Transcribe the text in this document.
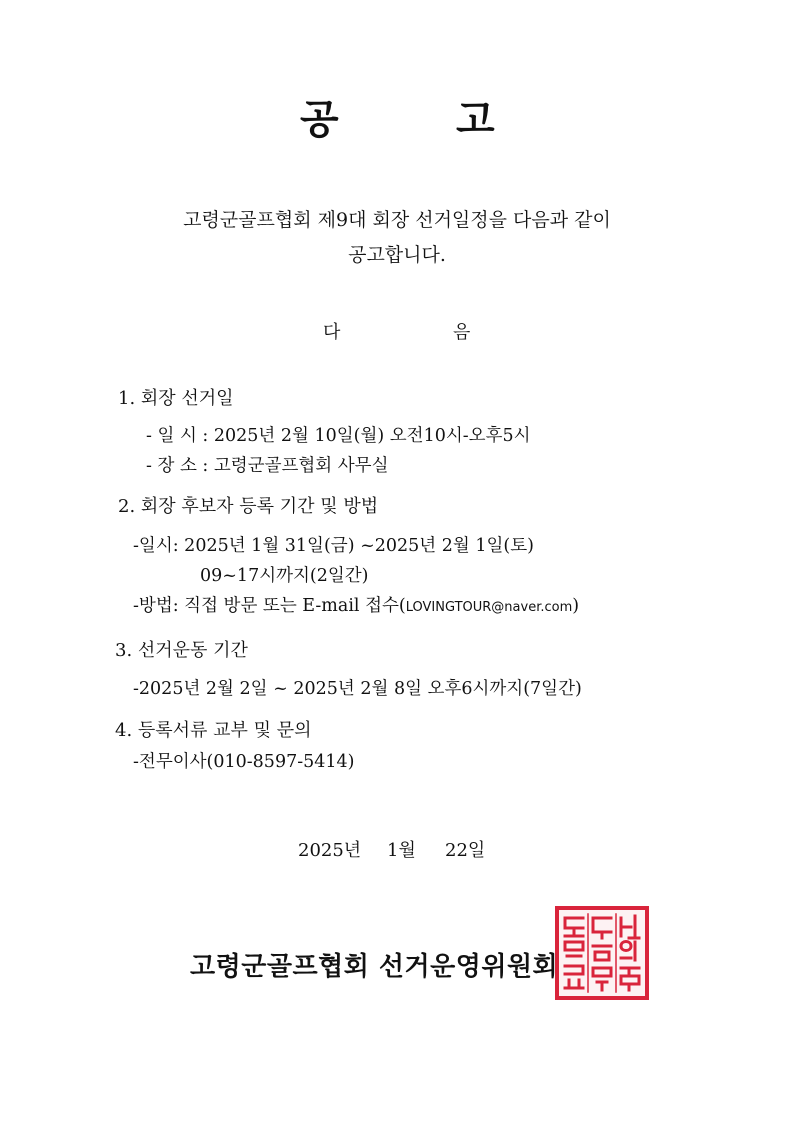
공	고
고령군골프협회 제9대 회장 선거일정을 다음과 같이
공고합니다.
다	음
1. 회장 선거일
- 일 시 : 2025년 2월 10일(월) 오전10시-오후5시
- 장 소 : 고령군골프협회 사무실
2. 회장 후보자 등록 기간 및 방법
-일시: 2025년 1월 31일(금) ~2025년 2월 1일(토)
09~17시까지(2일간)
-방법: 직접 방문 또는 E-mail 접수(LOVINGTOUR@naver.com)
3. 선거운동 기간
-2025년 2월 2일 ~ 2025년 2월 8일 오후6시까지(7일간)
4. 등록서류 교부 및 문의
-전무이사(010-8597-5414)
2025년 1월 22일
고령군골프협회 선거운영위원회
